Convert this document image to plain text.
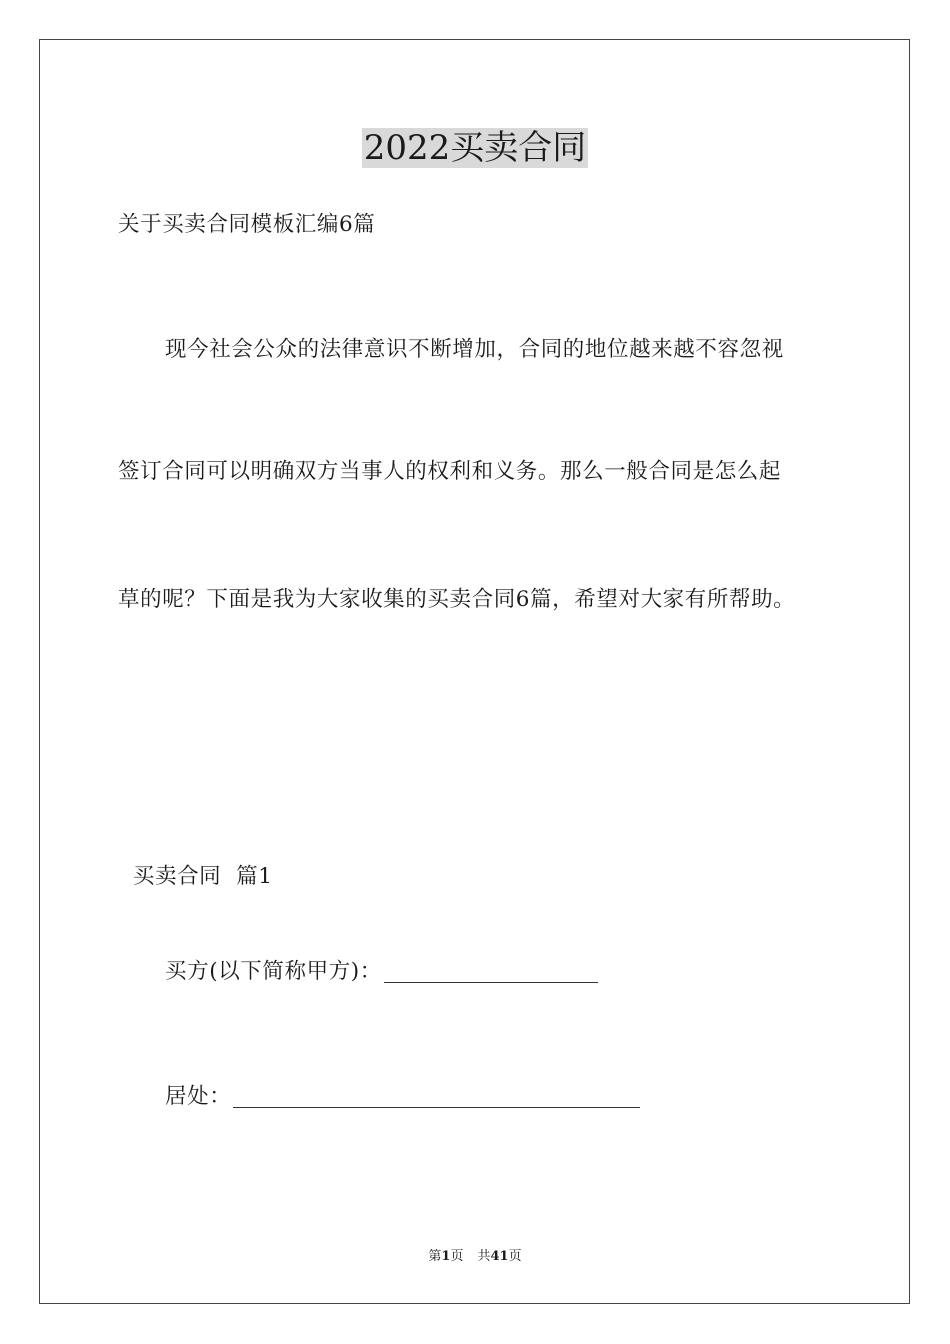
2022买卖合同
关于买卖合同模板汇编6篇
现今社会公众的法律意识不断增加，合同的地位越来越不容忽视
签订合同可以明确双方当事人的权利和义务。那么一般合同是怎么起
草的呢？下面是我为大家收集的买卖合同6篇，希望对大家有所帮助。

买卖合同  篇1

买方(以下简称甲方)：
居处：
第1页 共41页
